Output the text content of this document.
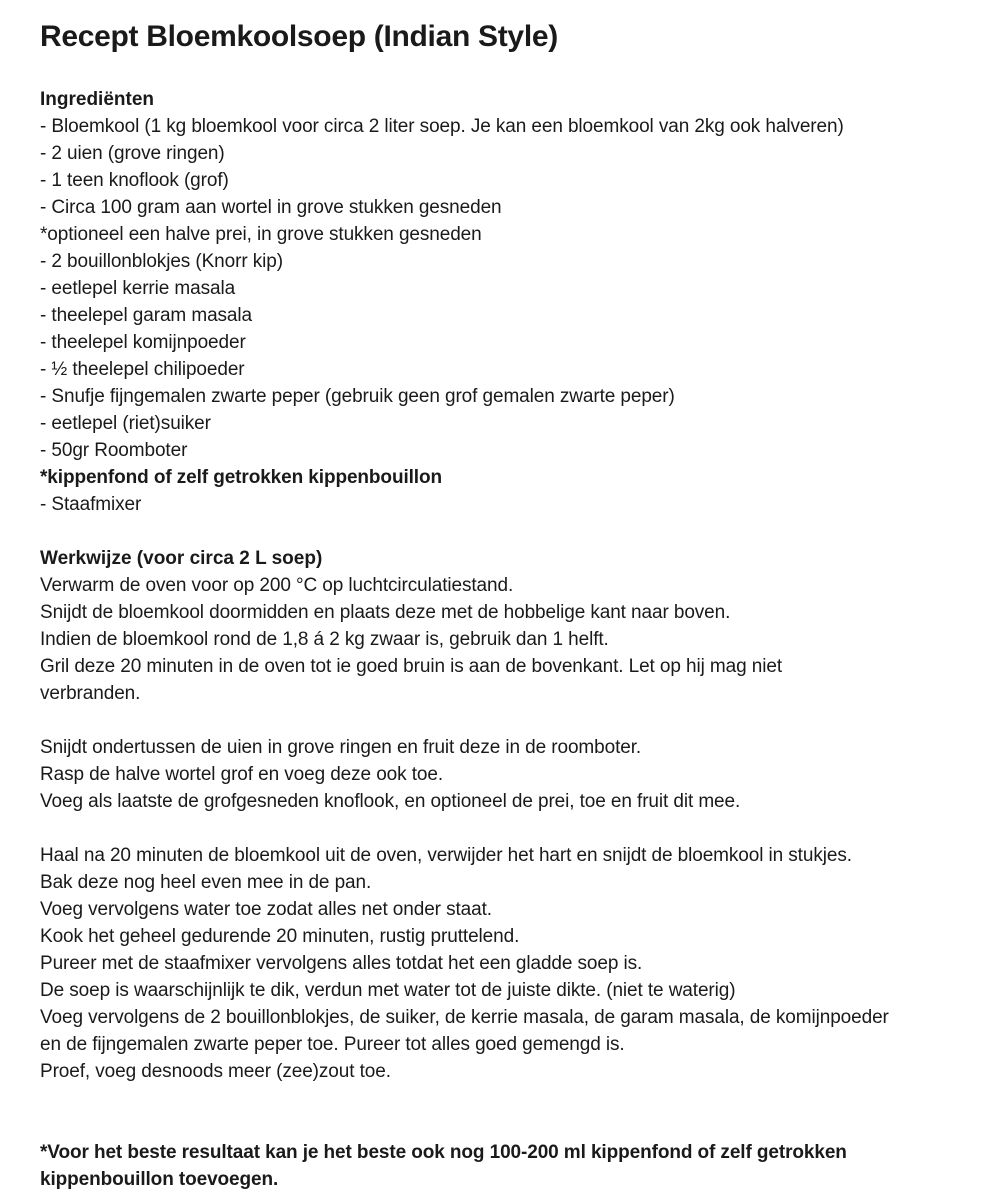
Recept Bloemkoolsoep (Indian Style)
Ingrediënten
- Bloemkool (1 kg bloemkool voor circa 2 liter soep. Je kan een bloemkool van 2kg ook halveren)
- 2 uien (grove ringen)
- 1 teen knoflook (grof)
- Circa 100 gram aan wortel in grove stukken gesneden
*optioneel een halve prei, in grove stukken gesneden
- 2 bouillonblokjes (Knorr kip)
- eetlepel kerrie masala
- theelepel garam masala
- theelepel komijnpoeder
- ½ theelepel chilipoeder
- Snufje fijngemalen zwarte peper (gebruik geen grof gemalen zwarte peper)
- eetlepel (riet)suiker
- 50gr Roomboter
*kippenfond of zelf getrokken kippenbouillon
- Staafmixer
Werkwijze (voor circa 2 L soep)
Verwarm de oven voor op 200 °C op luchtcirculatiestand.
Snijdt de bloemkool doormidden en plaats deze met de hobbelige kant naar boven.
Indien de bloemkool rond de 1,8 á 2 kg zwaar is, gebruik dan 1 helft.
Gril deze 20 minuten in de oven tot ie goed bruin is aan de bovenkant. Let op hij mag niet
verbranden.
Snijdt ondertussen de uien in grove ringen en fruit deze in de roomboter.
Rasp de halve wortel grof en voeg deze ook toe.
Voeg als laatste de grofgesneden knoflook, en optioneel de prei, toe en fruit dit mee.
Haal na 20 minuten de bloemkool uit de oven, verwijder het hart en snijdt de bloemkool in stukjes.
Bak deze nog heel even mee in de pan.
Voeg vervolgens water toe zodat alles net onder staat.
Kook het geheel gedurende 20 minuten, rustig pruttelend.
Pureer met de staafmixer vervolgens alles totdat het een gladde soep is.
De soep is waarschijnlijk te dik, verdun met water tot de juiste dikte. (niet te waterig)
Voeg vervolgens de 2 bouillonblokjes, de suiker, de kerrie masala, de garam masala, de komijnpoeder
en de fijngemalen zwarte peper toe. Pureer tot alles goed gemengd is.
Proef, voeg desnoods meer (zee)zout toe.
*Voor het beste resultaat kan je het beste ook nog 100-200 ml kippenfond of zelf getrokken
kippenbouillon toevoegen.
